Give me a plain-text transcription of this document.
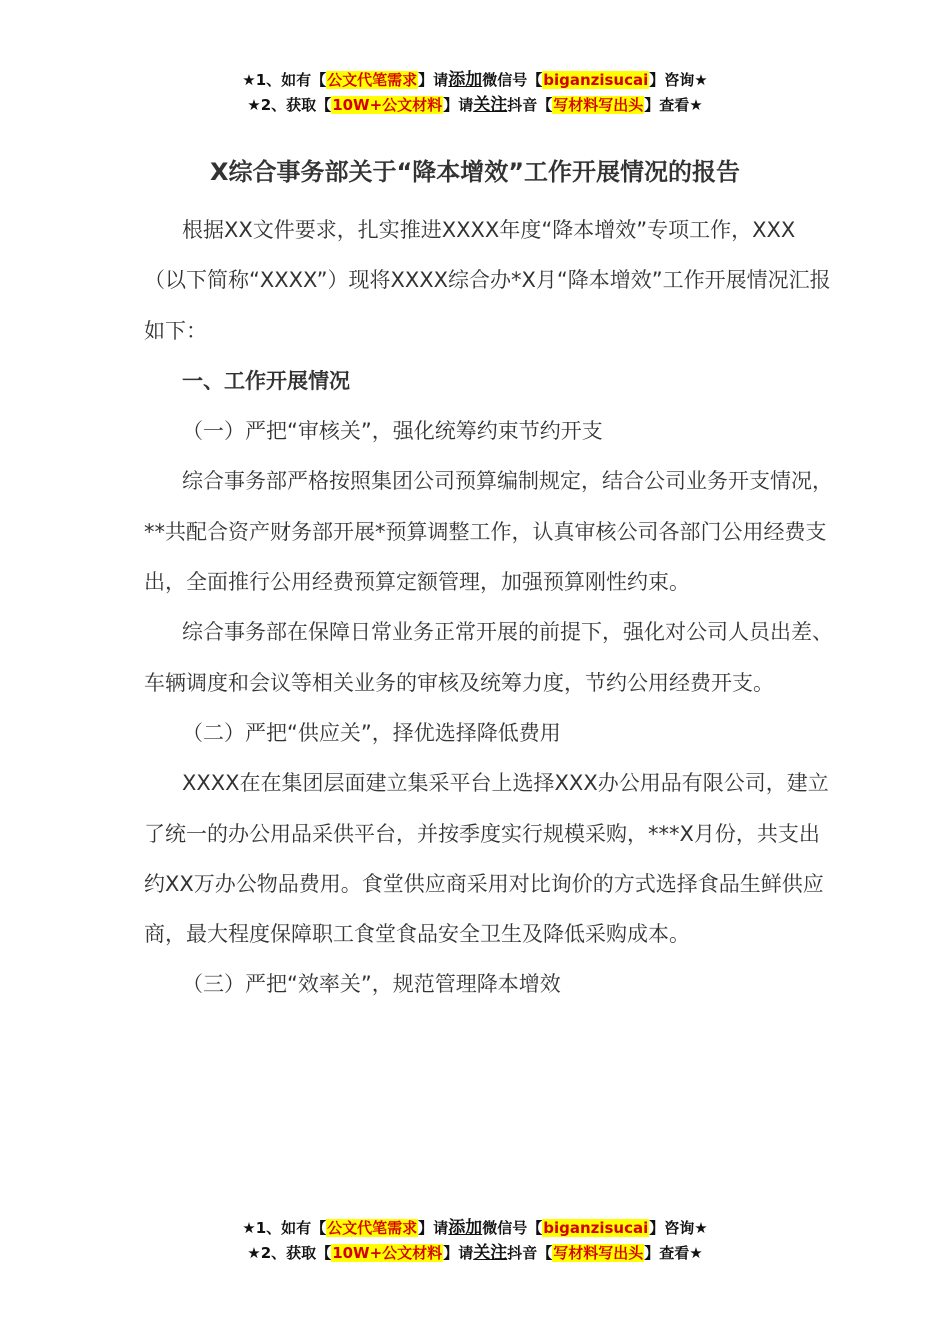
★1、如有【公文代笔需求】请添加微信号【biganzisucai】咨询★
★2、获取【10W+公文材料】请关注抖音【写材料写出头】查看★
X综合事务部关于“降本增效”工作开展情况的报告

根据XX文件要求，扎实推进XXXX年度“降本增效”专项工作，XXX（以下简称“XXXX”）现将XXXX综合办*X月“降本增效”工作开展情况汇报如下：

一、工作开展情况

（一）严把“审核关”，强化统筹约束节约开支

综合事务部严格按照集团公司预算编制规定，结合公司业务开支情况，**共配合资产财务部开展*预算调整工作，认真审核公司各部门公用经费支出，全面推行公用经费预算定额管理，加强预算刚性约束。

综合事务部在保障日常业务正常开展的前提下，强化对公司人员出差、车辆调度和会议等相关业务的审核及统筹力度，节约公用经费开支。

（二）严把“供应关”，择优选择降低费用

XXXX在在集团层面建立集采平台上选择XXX办公用品有限公司，建立了统一的办公用品采供平台，并按季度实行规模采购，***X月份，共支出约XX万办公物品费用。食堂供应商采用对比询价的方式选择食品生鲜供应商，最大程度保障职工食堂食品安全卫生及降低采购成本。

（三）严把“效率关”，规范管理降本增效

★1、如有【公文代笔需求】请添加微信号【biganzisucai】咨询★
★2、获取【10W+公文材料】请关注抖音【写材料写出头】查看★
